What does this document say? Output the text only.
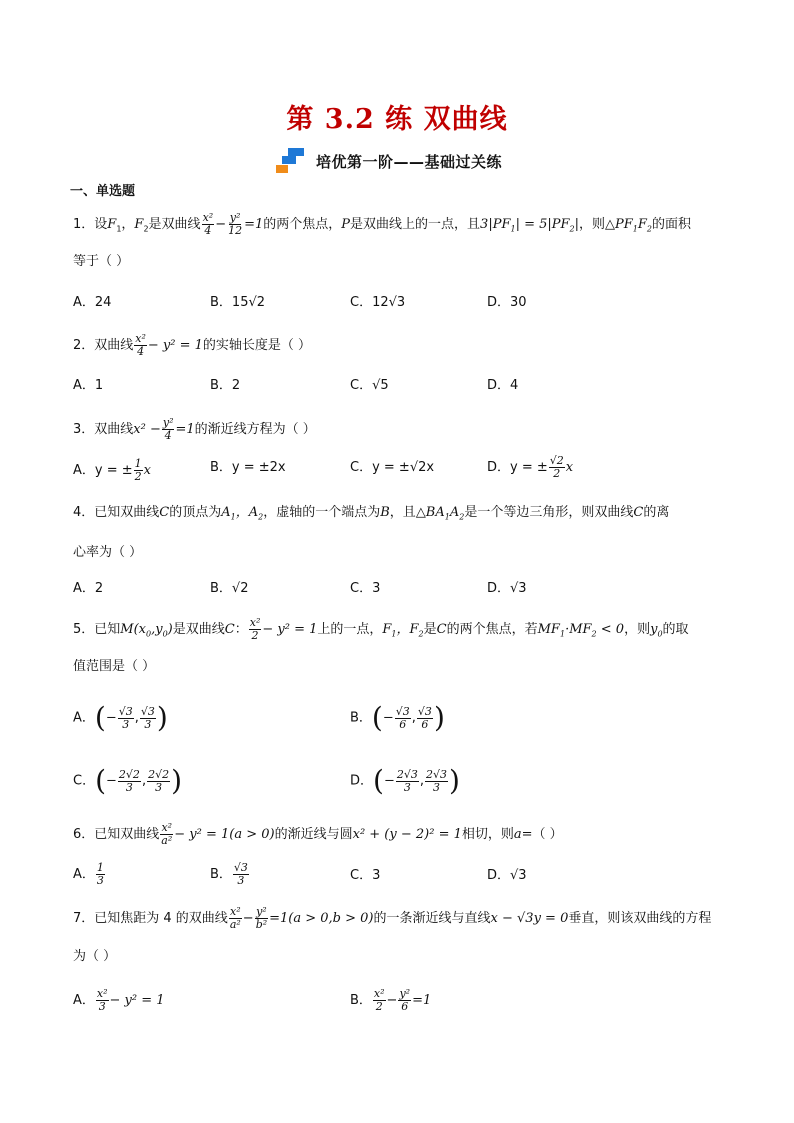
第 3.2 练 双曲线
培优第一阶——基础过关练
一、单选题
1．设$F_1$，$F_2$是双曲线 $\frac{\text{x²}}{4} - \frac{\text{y²}}{12} =1$的两个焦点，P是双曲线上的一点，且$3|PF_1| = 5|PF_2|$，则$\triangle PF_1F_2$的面积
等于（ ）
A．24	B．15√2	C．12√3	D．30
2．双曲线 $\frac{\text{x²}}{4} - y^2 = 1$的实轴长度是（ ）
A．1	B．2	C．√5	D．4
3．双曲线$x^2 - \frac{\text{y²}}{4} =1$的渐近线方程为（ ）
A．y = ± $\frac{1}{2}$ x	B．y = ±2x	C．y = ±√2x	D．y = ± $\frac{√2}{2}$ x
4．已知双曲线C的顶点为$A_1$，$A_2$，虚轴的一个端点为B，且$\triangle BA_1A_2$是一个等边三角形，则双曲线C的离
心率为（ ）
A．2	B．√2	C．3	D．√3
5．已知$M(x_0,y_0)$是双曲线C： $\frac{\text{x²}}{2} - y^2 = 1$上的一点，$F_1$，$F_2$是C的两个焦点，若$MF_1\cdot MF_2 < 0$，则$y_0$的取
值范围是（ ）
A．(− $\frac{√3}{3}$ , $\frac{√3}{3}$ )	B．(− $\frac{√3}{6}$ , $\frac{√3}{6}$ )
C．(− $\frac{2√2}{3}$ , $\frac{2√2}{3}$ )	D．(− $\frac{2√3}{3}$ , $\frac{2√3}{3}$ )
6．已知双曲线 $\frac{\text{x²}}{\text{a²}} - y^2 = 1(a > 0)$的渐近线与圆x² + (y − 2)² = 1相切，则a=（ ）
A． $\frac{1}{3}$	B． $\frac{√3}{3}$	C．3	D．√3
7．已知焦距为 4 的双曲线 $\frac{\text{x²}}{\text{a²}} - \frac{\text{y²}}{\text{b²}} =1(a > 0,b > 0)$的一条渐近线与直线x − √3y = 0垂直，则该双曲线的方程
为（ ）
A． $\frac{\text{x²}}{3} - y^2 = 1$	B． $\frac{\text{x²}}{2} - \frac{\text{y²}}{6} =1$
